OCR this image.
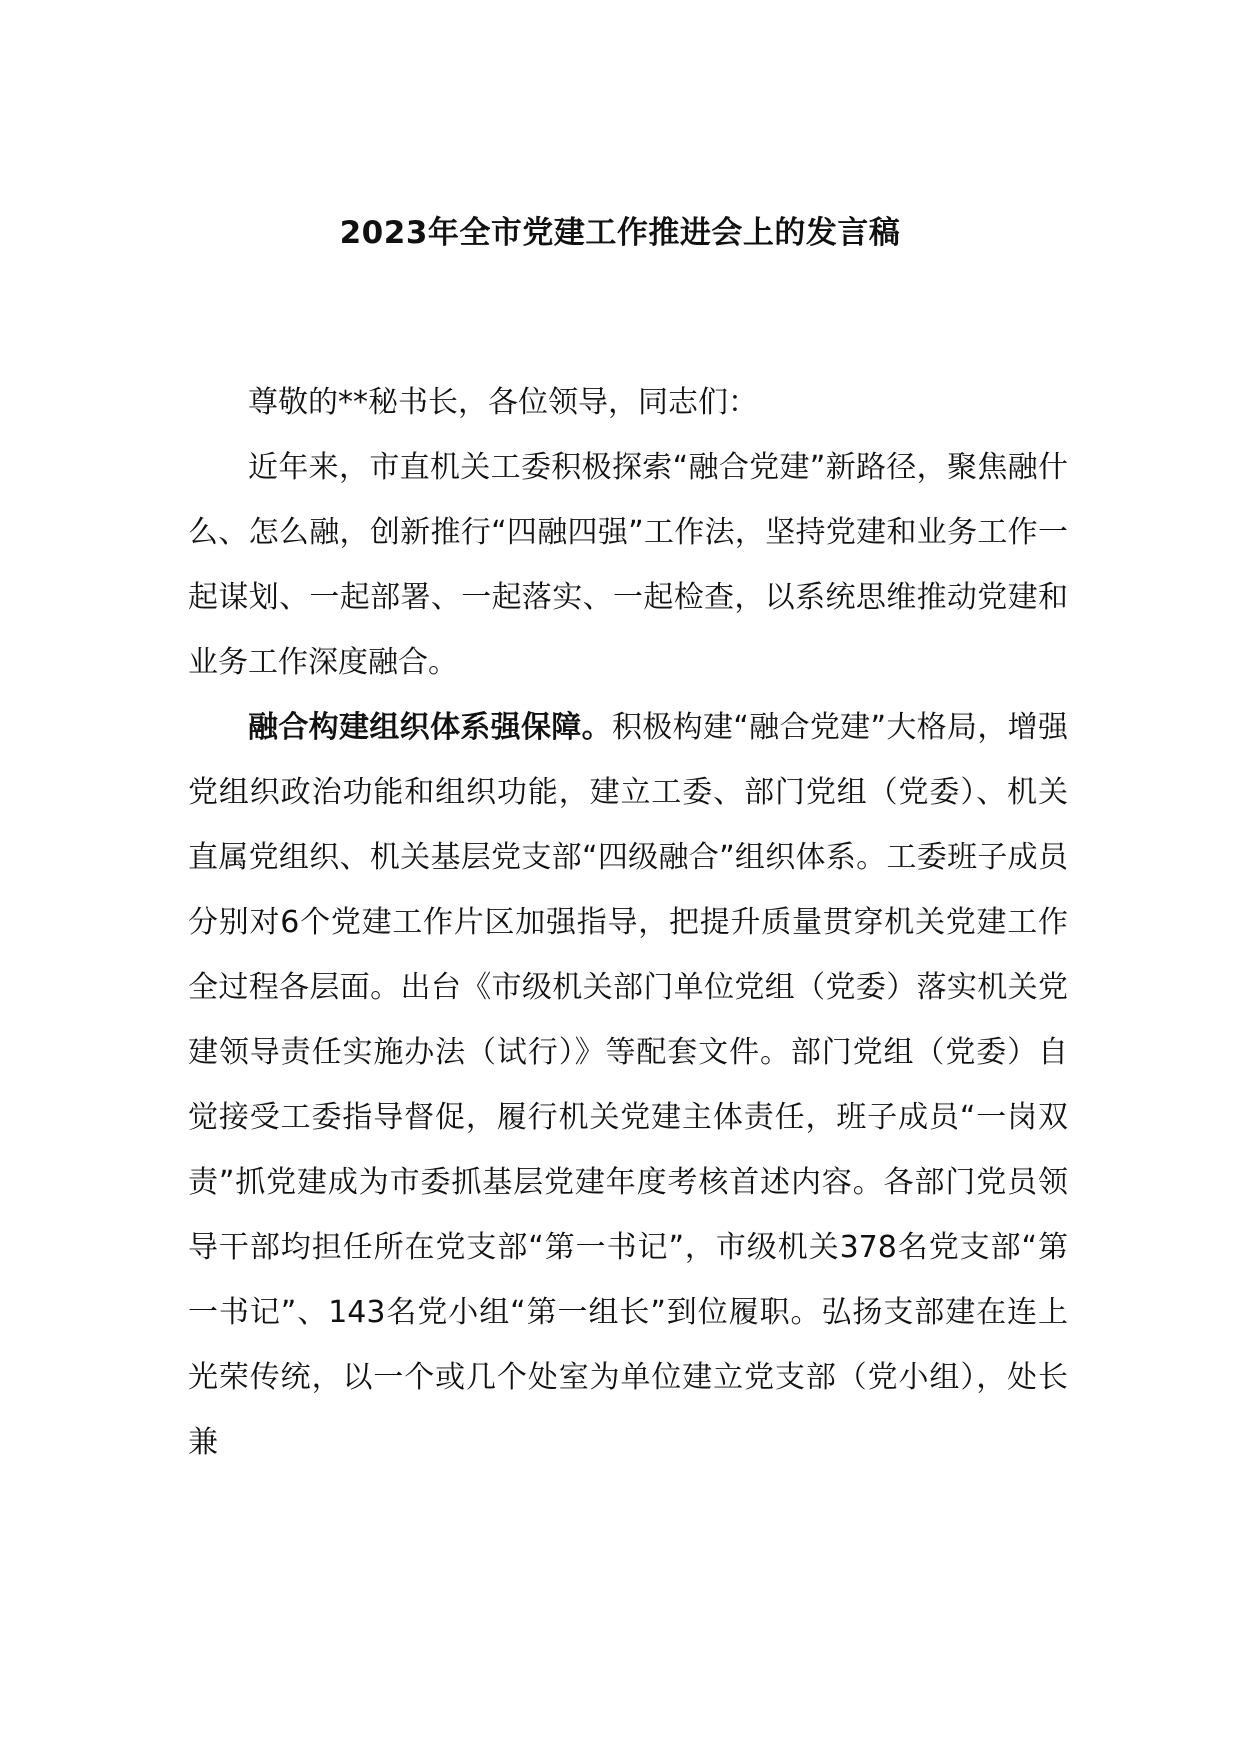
2023年全市党建工作推进会上的发言稿

尊敬的**秘书长，各位领导，同志们：

近年来，市直机关工委积极探索“融合党建”新路径，聚焦融什么、怎么融，创新推行“四融四强”工作法，坚持党建和业务工作一起谋划、一起部署、一起落实、一起检查，以系统思维推动党建和业务工作深度融合。

融合构建组织体系强保障。积极构建“融合党建”大格局，增强党组织政治功能和组织功能，建立工委、部门党组（党委）、机关直属党组织、机关基层党支部“四级融合”组织体系。工委班子成员分别对6个党建工作片区加强指导，把提升质量贯穿机关党建工作全过程各层面。出台《市级机关部门单位党组（党委）落实机关党建领导责任实施办法（试行）》等配套文件。部门党组（党委）自觉接受工委指导督促，履行机关党建主体责任，班子成员“一岗双责”抓党建成为市委抓基层党建年度考核首述内容。各部门党员领导干部均担任所在党支部“第一书记”，市级机关378名党支部“第一书记”、143名党小组“第一组长”到位履职。弘扬支部建在连上光荣传统，以一个或几个处室为单位建立党支部（党小组），处长兼
